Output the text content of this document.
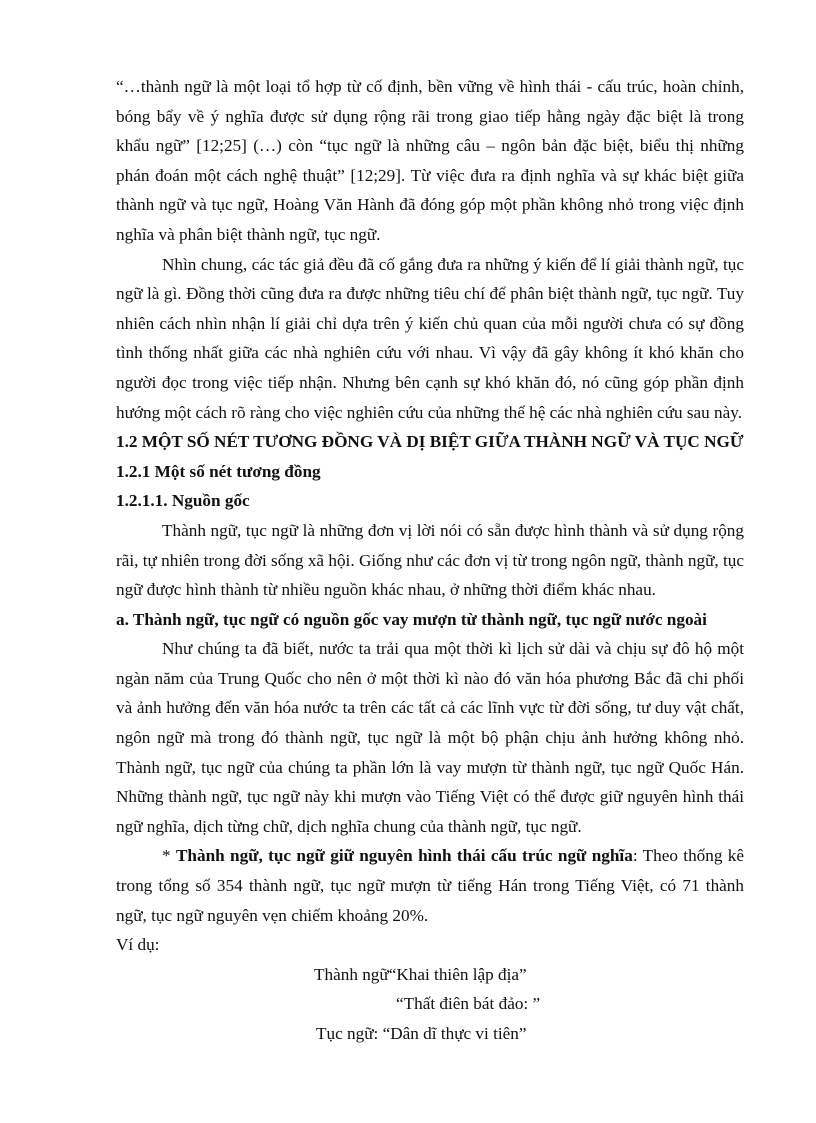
“…thành ngữ là một loại tổ hợp từ cố định, bền vững về hình thái - cấu trúc, hoàn chỉnh, bóng bẩy về ý nghĩa được sử dụng rộng rãi trong giao tiếp hằng ngày đặc biệt là trong khẩu ngữ” [12;25] (…) còn “tục ngữ là những câu – ngôn bản đặc biệt, biểu thị những phán đoán một cách nghệ thuật” [12;29]. Từ việc đưa ra định nghĩa và sự khác biệt giữa thành ngữ và tục ngữ, Hoàng Văn Hành đã đóng góp một phần không nhỏ trong việc định nghĩa và phân biệt thành ngữ, tục ngữ.

Nhìn chung, các tác giả đều đã cố gắng đưa ra những ý kiến để lí giải thành ngữ, tục ngữ là gì. Đồng thời cũng đưa ra được những tiêu chí để phân biệt thành ngữ, tục ngữ. Tuy nhiên cách nhìn nhận lí giải chỉ dựa trên ý kiến chủ quan của mỗi người chưa có sự đồng tình thống nhất giữa các nhà nghiên cứu với nhau. Vì vậy đã gây không ít khó khăn cho người đọc trong việc tiếp nhận. Nhưng bên cạnh sự khó khăn đó, nó cũng góp phần định hướng một cách rõ ràng cho việc nghiên cứu của những thế hệ các nhà nghiên cứu sau này.

1.2 MỘT SỐ NÉT TƯƠNG ĐỒNG VÀ DỊ BIỆT GIỮA THÀNH NGỮ VÀ TỤC NGỮ

1.2.1 Một số nét tương đồng

1.2.1.1. Nguồn gốc

Thành ngữ, tục ngữ là những đơn vị lời nói có sẵn được hình thành và sử dụng rộng rãi, tự nhiên trong đời sống xã hội. Giống như các đơn vị từ trong ngôn ngữ, thành ngữ, tục ngữ được hình thành từ nhiều nguồn khác nhau, ở những thời điểm khác nhau.

a. Thành ngữ, tục ngữ có nguồn gốc vay mượn từ thành ngữ, tục ngữ nước ngoài

Như chúng ta đã biết, nước ta trải qua một thời kì lịch sử dài và chịu sự đô hộ một ngàn năm của Trung Quốc cho nên ở một thời kì nào đó văn hóa phương Bắc đã chi phối và ảnh hưởng đến văn hóa nước ta trên các tất cả các lĩnh vực từ đời sống, tư duy vật chất, ngôn ngữ mà trong đó thành ngữ, tục ngữ là một bộ phận chịu ảnh hưởng không nhỏ. Thành ngữ, tục ngữ của chúng ta phần lớn là vay mượn từ thành ngữ, tục ngữ Quốc Hán. Những thành ngữ, tục ngữ này khi mượn vào Tiếng Việt có thể được giữ nguyên hình thái ngữ nghĩa, dịch từng chữ, dịch nghĩa chung của thành ngữ, tục ngữ.

* Thành ngữ, tục ngữ giữ nguyên hình thái cấu trúc ngữ nghĩa: Theo thống kê trong tổng số 354 thành ngữ, tục ngữ mượn từ tiếng Hán trong Tiếng Việt, có 71 thành ngữ, tục ngữ nguyên vẹn chiếm khoảng 20%.

Ví dụ:

Thành ngữ“Khai thiên lập địa”

“Thất điên bát đảo: ”

Tục ngữ: “Dân dĩ thực vi tiên”
